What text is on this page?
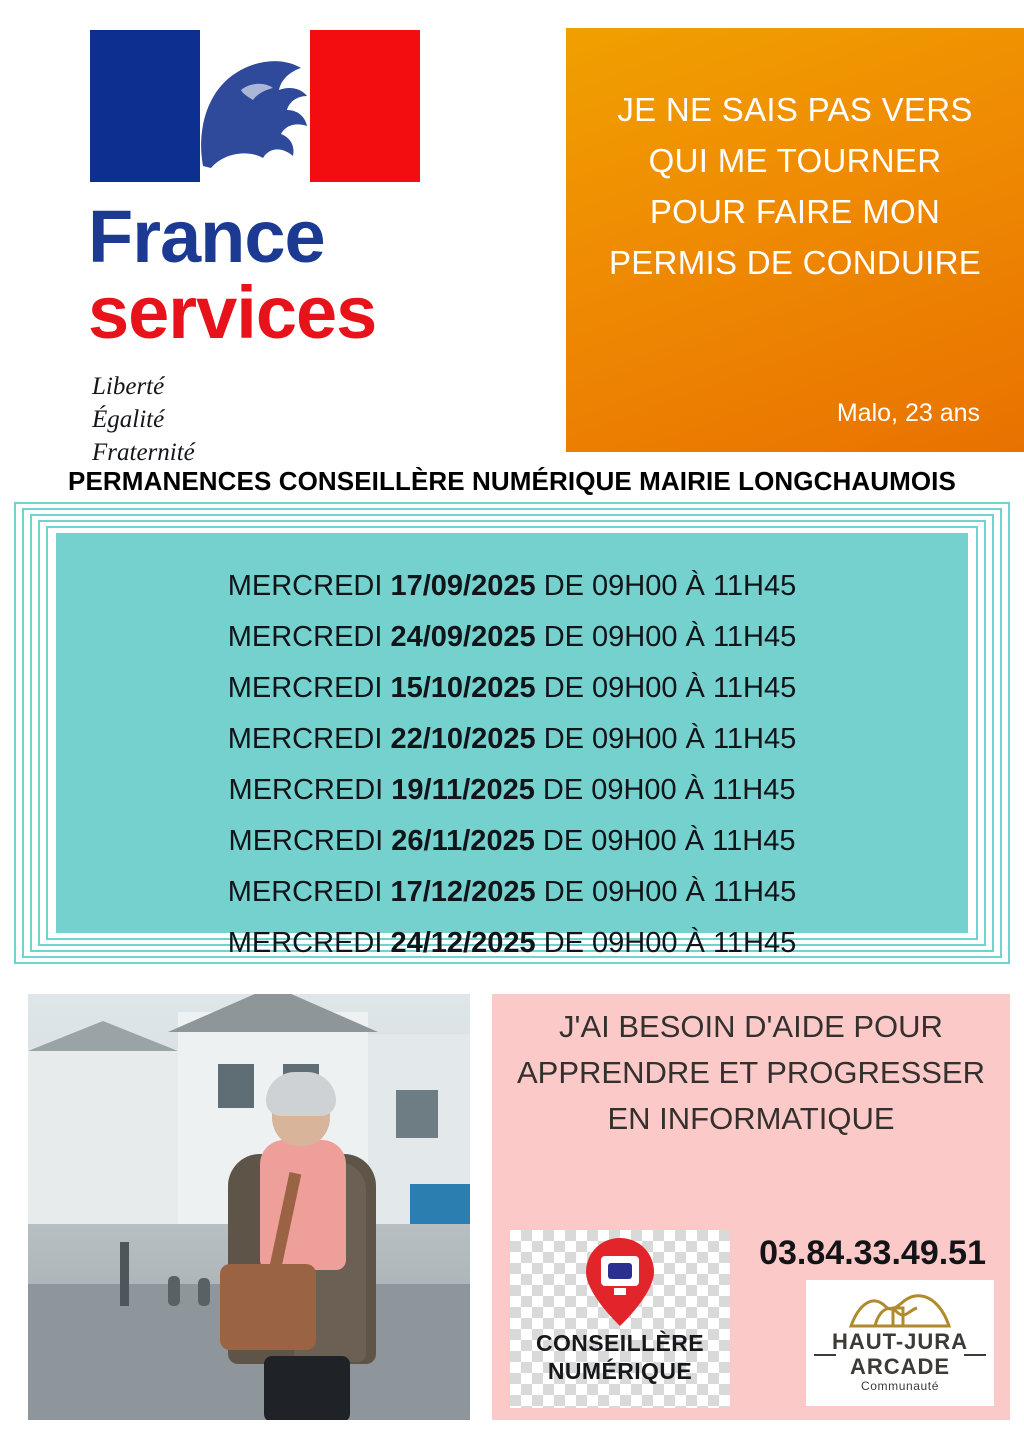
France
services
Liberté
Égalité
Fraternité
JE NE SAIS PAS VERS QUI ME TOURNER POUR FAIRE MON PERMIS DE CONDUIRE
Malo, 23 ans
PERMANENCES CONSEILLÈRE NUMÉRIQUE MAIRIE LONGCHAUMOIS
MERCREDI 17/09/2025 DE 09H00 À 11H45
MERCREDI 24/09/2025 DE 09H00 À 11H45
MERCREDI 15/10/2025 DE 09H00 À 11H45
MERCREDI 22/10/2025 DE 09H00 À 11H45
MERCREDI 19/11/2025 DE 09H00 À 11H45
MERCREDI 26/11/2025 DE 09H00 À 11H45
MERCREDI 17/12/2025 DE 09H00 À 11H45
MERCREDI 24/12/2025 DE 09H00 À 11H45
J'AI BESOIN D'AIDE POUR APPRENDRE ET PROGRESSER EN INFORMATIQUE
03.84.33.49.51
CONSEILLÈRE
NUMÉRIQUE
HAUT-JURA
ARCADE
Communauté
